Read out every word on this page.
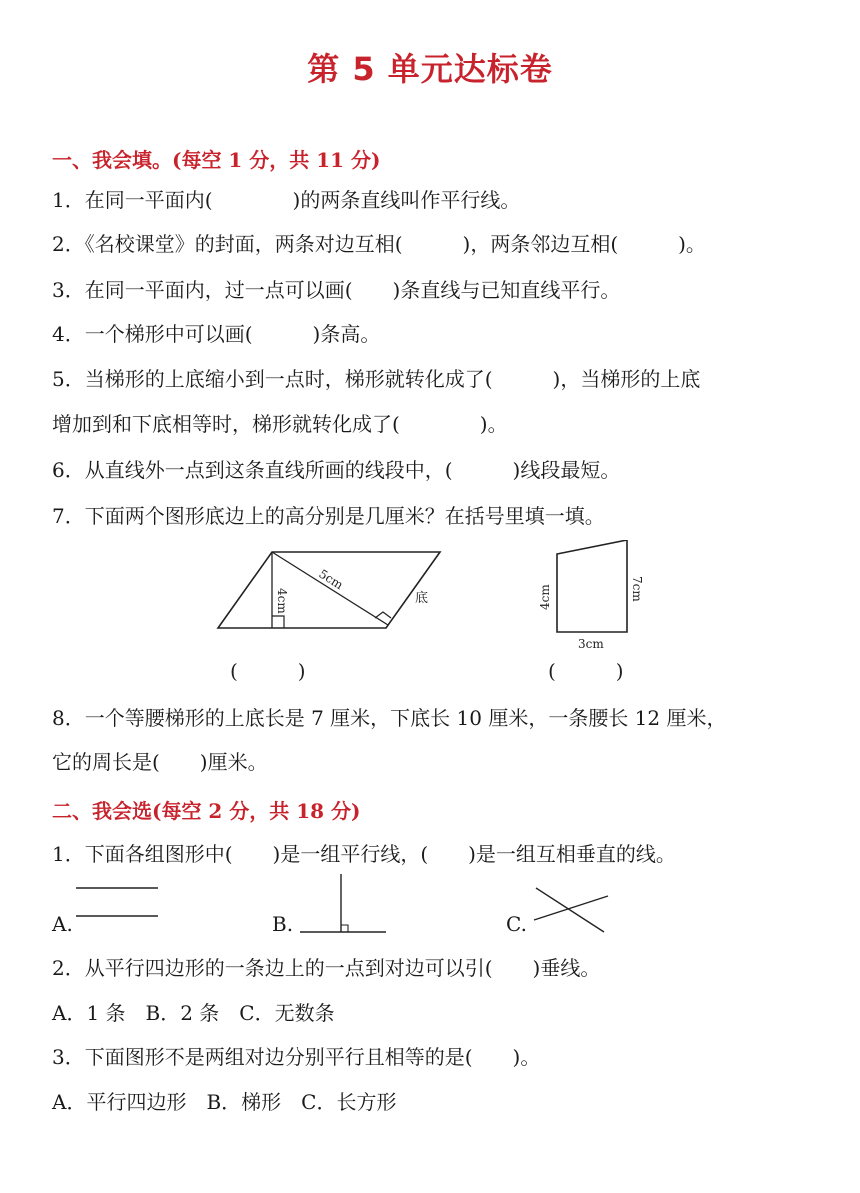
第 5 单元达标卷
一、我会填。(每空 1 分，共 11 分)
1．在同一平面内(　　　　)的两条直线叫作平行线。
2．《名校课堂》的封面，两条对边互相(　　　)，两条邻边互相(　　　)。
3．在同一平面内，过一点可以画(　　)条直线与已知直线平行。
4．一个梯形中可以画(　　　)条高。
5．当梯形的上底缩小到一点时，梯形就转化成了(　　　)，当梯形的上底
增加到和下底相等时，梯形就转化成了(　　　　)。
6．从直线外一点到这条直线所画的线段中，(　　　)线段最短。
7．下面两个图形底边上的高分别是几厘米？在括号里填一填。
4cm
5cm
底
(　　　)
4cm	7cm
3cm
(　　　)
8．一个等腰梯形的上底长是 7 厘米，下底长 10 厘米，一条腰长 12 厘米，
它的周长是(　　)厘米。
二、我会选(每空 2 分，共 18 分)
1．下面各组图形中(　　)是一组平行线，(　　)是一组互相垂直的线。
A.	B.	C.
2．从平行四边形的一条边上的一点到对边可以引(　　)垂线。
A．1 条　B．2 条　C．无数条
3．下面图形不是两组对边分别平行且相等的是(　　)。
A．平行四边形　B．梯形　C．长方形
